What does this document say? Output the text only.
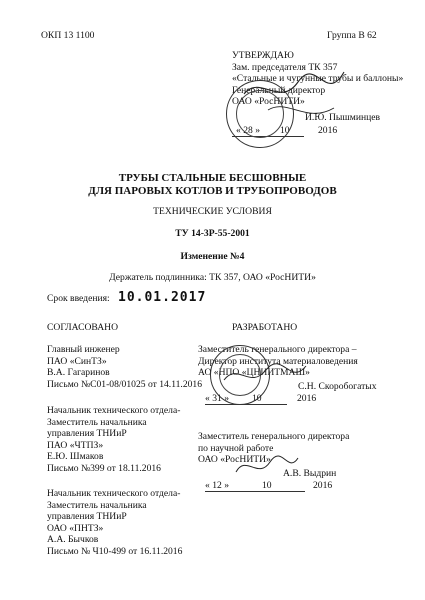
ОКП 13 1100	Группа В 62
УТВЕРЖДАЮ
Зам. председателя ТК 357
«Стальные и чугунные трубы и баллоны»
Генеральный директор
ОАО «РосНИТИ»
И.Ю. Пышминцев
« 28 » 10	2016
ТРУБЫ СТАЛЬНЫЕ БЕСШОВНЫЕ
ДЛЯ ПАРОВЫХ КОТЛОВ И ТРУБОПРОВОДОВ
ТЕХНИЧЕСКИЕ УСЛОВИЯ
ТУ 14-3Р-55-2001
Изменение №4
Держатель подлинника: ТК 357, ОАО «РосНИТИ»
Срок введения: 10.01.2017
СОГЛАСОВАНО
Главный инженер
ПАО «СинТЗ»
В.А. Гагаринов
Письмо №С01-08/01025 от 14.11.2016
Начальник технического отдела-
Заместитель начальника
управления ТНИиР
ПАО «ЧТПЗ»
Е.Ю. Шмаков
Письмо №399 от 18.11.2016
Начальник технического отдела-
Заместитель начальника
управления ТНИиР
ОАО «ПНТЗ»
А.А. Бычков
Письмо № Ч10-499 от 16.11.2016
РАЗРАБОТАНО
Заместитель генерального директора –
Директор института материаловедения
АО «НПО «ЦНИИТМАШ»
С.Н. Скоробогатых
« 31 » 10	2016
Заместитель генерального директора
по научной работе
ОАО «РосНИТИ»
А.В. Выдрин
« 12 »	10	2016
